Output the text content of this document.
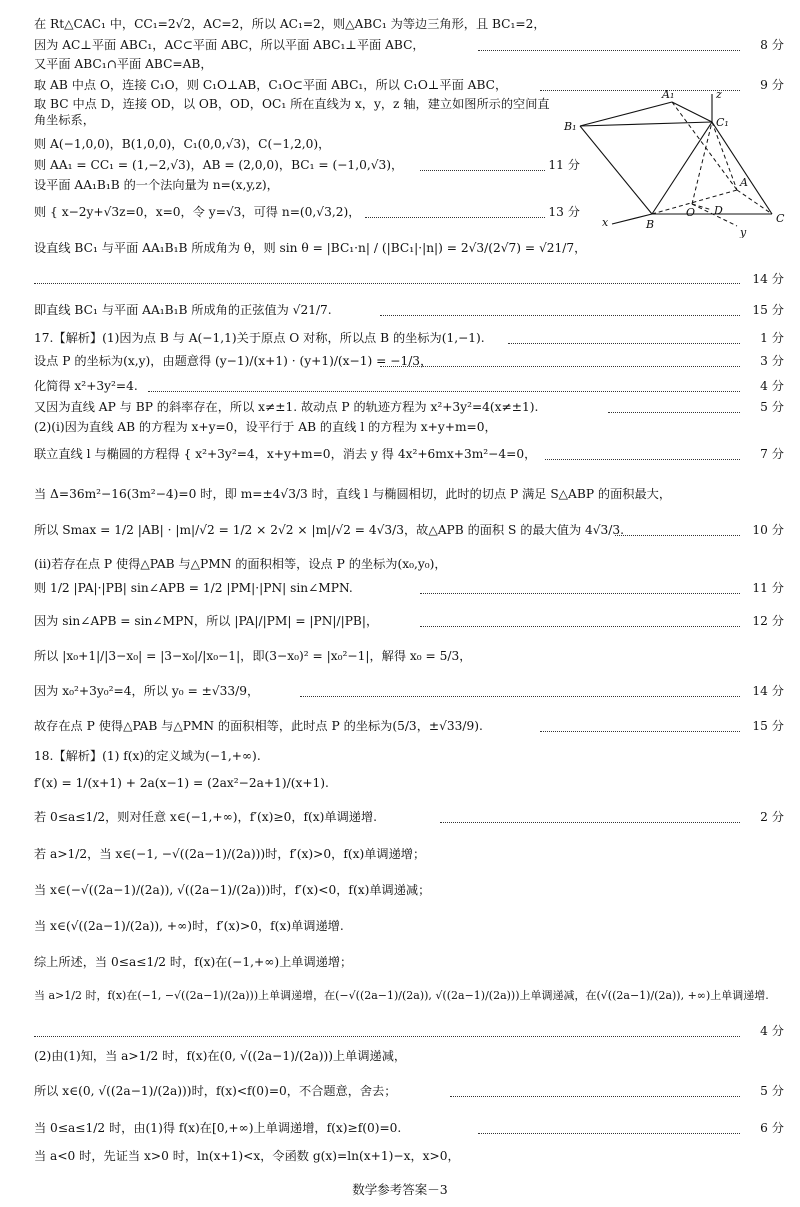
在 Rt△CAC₁ 中，CC₁=2√2，AC=2，所以 AC₁=2，则△ABC₁ 为等边三角形，且 BC₁=2，
因为 AC⊥平面 ABC₁，AC⊂平面 ABC，所以平面 ABC₁⊥平面 ABC，	8 分
又平面 ABC₁∩平面 ABC=AB，
取 AB 中点 O，连接 C₁O，则 C₁O⊥AB，C₁O⊂平面 ABC₁，所以 C₁O⊥平面 ABC，	9 分
取 BC 中点 D，连接 OD，以 OB，OD，OC₁ 所在直线为 x，y，z 轴，建立如图所示的空间直角坐标系，
则 A(−1,0,0)，B(1,0,0)，C₁(0,0,√3)，C(−1,2,0)，
则 AA₁ = CC₁ = (1,−2,√3)，AB = (2,0,0)，BC₁ = (−1,0,√3)，	11 分
设平面 AA₁B₁B 的一个法向量为 n=(x,y,z)，
则 { x−2y+√3z=0，x=0，令 y=√3，可得 n=(0,√3,2)，	13 分
设直线 BC₁ 与平面 AA₁B₁B 所成角为 θ，则 sin θ = |BC₁·n| / (|BC₁|·|n|) = 2√3/(2√7) = √21/7，
14 分
即直线 BC₁ 与平面 AA₁B₁B 所成角的正弦值为 √21/7.	15 分
A₁	z
B₁	C₁
A
O D
x	B
y
C
17.【解析】(1)因为点 B 与 A(−1,1)关于原点 O 对称，所以点 B 的坐标为(1,−1).	1 分
设点 P 的坐标为(x,y)，由题意得 (y−1)/(x+1) · (y+1)/(x−1) = −1/3，	3 分
化简得 x²+3y²=4.	4 分
又因为直线 AP 与 BP 的斜率存在，所以 x≠±1. 故动点 P 的轨迹方程为 x²+3y²=4(x≠±1).	5 分
(2)(ⅰ)因为直线 AB 的方程为 x+y=0，设平行于 AB 的直线 l 的方程为 x+y+m=0，
联立直线 l 与椭圆的方程得 { x²+3y²=4，x+y+m=0，消去 y 得 4x²+6mx+3m²−4=0，	7 分
当 Δ=36m²−16(3m²−4)=0 时，即 m=±4√3/3 时，直线 l 与椭圆相切，此时的切点 P 满足 S△ABP 的面积最大，
所以 Smax = 1/2 |AB| · |m|/√2 = 1/2 × 2√2 × |m|/√2 = 4√3/3，故△APB 的面积 S 的最大值为 4√3/3.	10 分
(ⅱ)若存在点 P 使得△PAB 与△PMN 的面积相等，设点 P 的坐标为(x₀,y₀)，
则 1/2 |PA|·|PB| sin∠APB = 1/2 |PM|·|PN| sin∠MPN.	11 分
因为 sin∠APB = sin∠MPN，所以 |PA|/|PM| = |PN|/|PB|，	12 分
所以 |x₀+1|/|3−x₀| = |3−x₀|/|x₀−1|，即(3−x₀)² = |x₀²−1|，解得 x₀ = 5/3，
因为 x₀²+3y₀²=4，所以 y₀ = ±√33/9，	14 分
故存在点 P 使得△PAB 与△PMN 的面积相等，此时点 P 的坐标为(5/3，±√33/9).	15 分
18.【解析】(1) f(x)的定义域为(−1,+∞).
f′(x) = 1/(x+1) + 2a(x−1) = (2ax²−2a+1)/(x+1).
若 0≤a≤1/2，则对任意 x∈(−1,+∞)，f′(x)≥0，f(x)单调递增.	2 分
若 a>1/2，当 x∈(−1, −√((2a−1)/(2a)))时，f′(x)>0，f(x)单调递增；
当 x∈(−√((2a−1)/(2a)), √((2a−1)/(2a)))时，f′(x)<0，f(x)单调递减；
当 x∈(√((2a−1)/(2a)), +∞)时，f′(x)>0，f(x)单调递增.
综上所述，当 0≤a≤1/2 时，f(x)在(−1,+∞)上单调递增；
当 a>1/2 时，f(x)在(−1, −√((2a−1)/(2a)))上单调递增，在(−√((2a−1)/(2a)), √((2a−1)/(2a)))上单调递减，在(√((2a−1)/(2a)), +∞)上单调递增.
4 分
(2)由(1)知，当 a>1/2 时，f(x)在(0, √((2a−1)/(2a)))上单调递减，
所以 x∈(0, √((2a−1)/(2a)))时，f(x)<f(0)=0，不合题意，舍去；	5 分
当 0≤a≤1/2 时，由(1)得 f(x)在[0,+∞)上单调递增，f(x)≥f(0)=0.	6 分
当 a<0 时，先证当 x>0 时，ln(x+1)<x，令函数 g(x)=ln(x+1)−x，x>0，
数学参考答案－3
